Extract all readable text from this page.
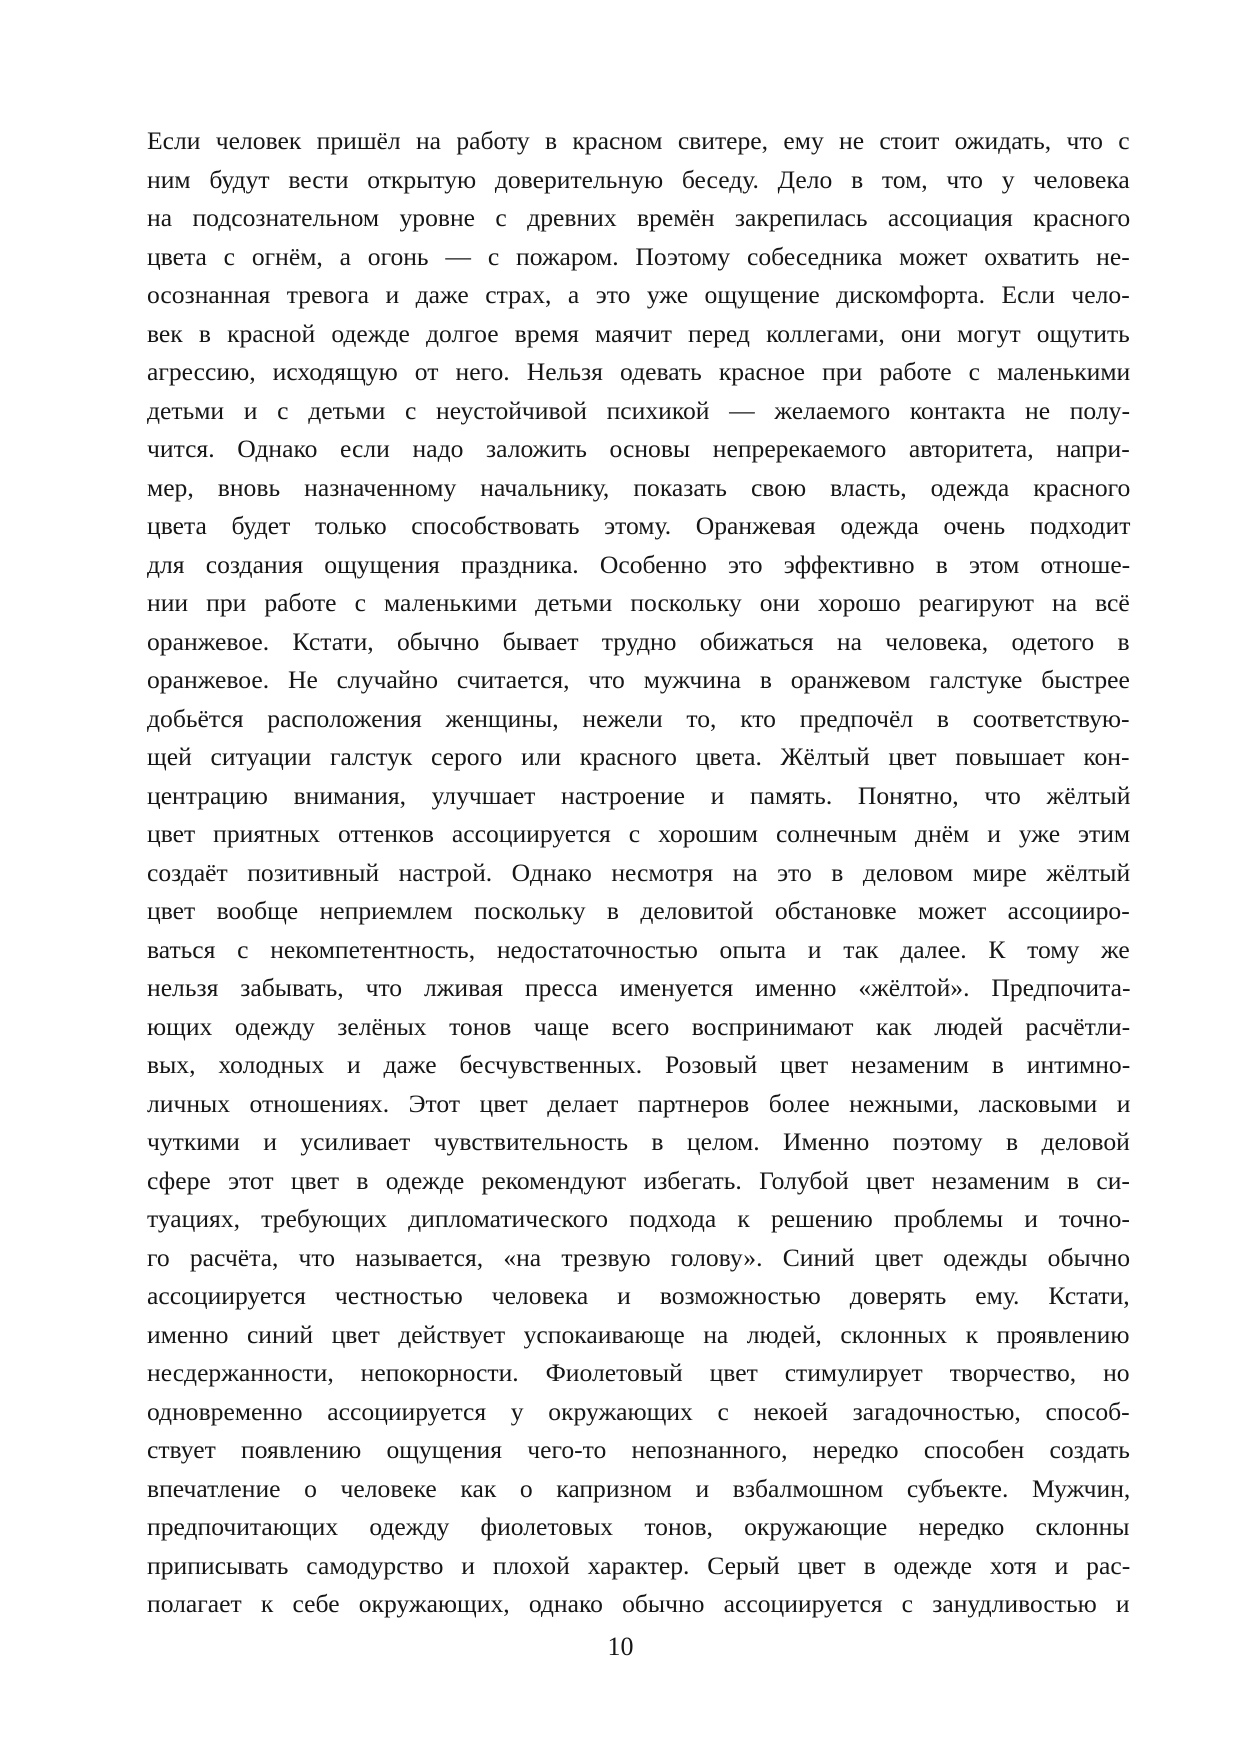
Если человек пришёл на работу в красном свитере, ему не стоит ожидать, что с
ним будут вести открытую доверительную беседу. Дело в том, что у человека
на подсознательном уровне с древних времён закрепилась ассоциация красного
цвета с огнём, а огонь — с пожаром. Поэтому собеседника может охватить не-
осознанная тревога и даже страх, а это уже ощущение дискомфорта. Если чело-
век в красной одежде долгое время маячит перед коллегами, они могут ощутить
агрессию, исходящую от него. Нельзя одевать красное при работе с маленькими
детьми и с детьми с неустойчивой психикой — желаемого контакта не полу-
чится. Однако если надо заложить основы непререкаемого авторитета, напри-
мер, вновь назначенному начальнику, показать свою власть, одежда красного
цвета будет только способствовать этому. Оранжевая одежда очень подходит
для создания ощущения праздника. Особенно это эффективно в этом отноше-
нии при работе с маленькими детьми поскольку они хорошо реагируют на всё
оранжевое. Кстати, обычно бывает трудно обижаться на человека, одетого в
оранжевое. Не случайно считается, что мужчина в оранжевом галстуке быстрее
добьётся расположения женщины, нежели то, кто предпочёл в соответствую-
щей ситуации галстук серого или красного цвета. Жёлтый цвет повышает кон-
центрацию внимания, улучшает настроение и память. Понятно, что жёлтый
цвет приятных оттенков ассоциируется с хорошим солнечным днём и уже этим
создаёт позитивный настрой. Однако несмотря на это в деловом мире жёлтый
цвет вообще неприемлем поскольку в деловитой обстановке может ассоцииро-
ваться с некомпетентность, недостаточностью опыта и так далее. К тому же
нельзя забывать, что лживая пресса именуется именно «жёлтой». Предпочита-
ющих одежду зелёных тонов чаще всего воспринимают как людей расчётли-
вых, холодных и даже бесчувственных. Розовый цвет незаменим в интимно-
личных отношениях. Этот цвет делает партнеров более нежными, ласковыми и
чуткими и усиливает чувствительность в целом. Именно поэтому в деловой
сфере этот цвет в одежде рекомендуют избегать. Голубой цвет незаменим в си-
туациях, требующих дипломатического подхода к решению проблемы и точно-
го расчёта, что называется, «на трезвую голову». Синий цвет одежды обычно
ассоциируется честностью человека и возможностью доверять ему. Кстати,
именно синий цвет действует успокаивающе на людей, склонных к проявлению
несдержанности, непокорности. Фиолетовый цвет стимулирует творчество, но
одновременно ассоциируется у окружающих с некоей загадочностью, способ-
ствует появлению ощущения чего-то непознанного, нередко способен создать
впечатление о человеке как о капризном и взбалмошном субъекте. Мужчин,
предпочитающих одежду фиолетовых тонов, окружающие нередко склонны
приписывать самодурство и плохой характер. Серый цвет в одежде хотя и рас-
полагает к себе окружающих, однако обычно ассоциируется с занудливостью и
10
